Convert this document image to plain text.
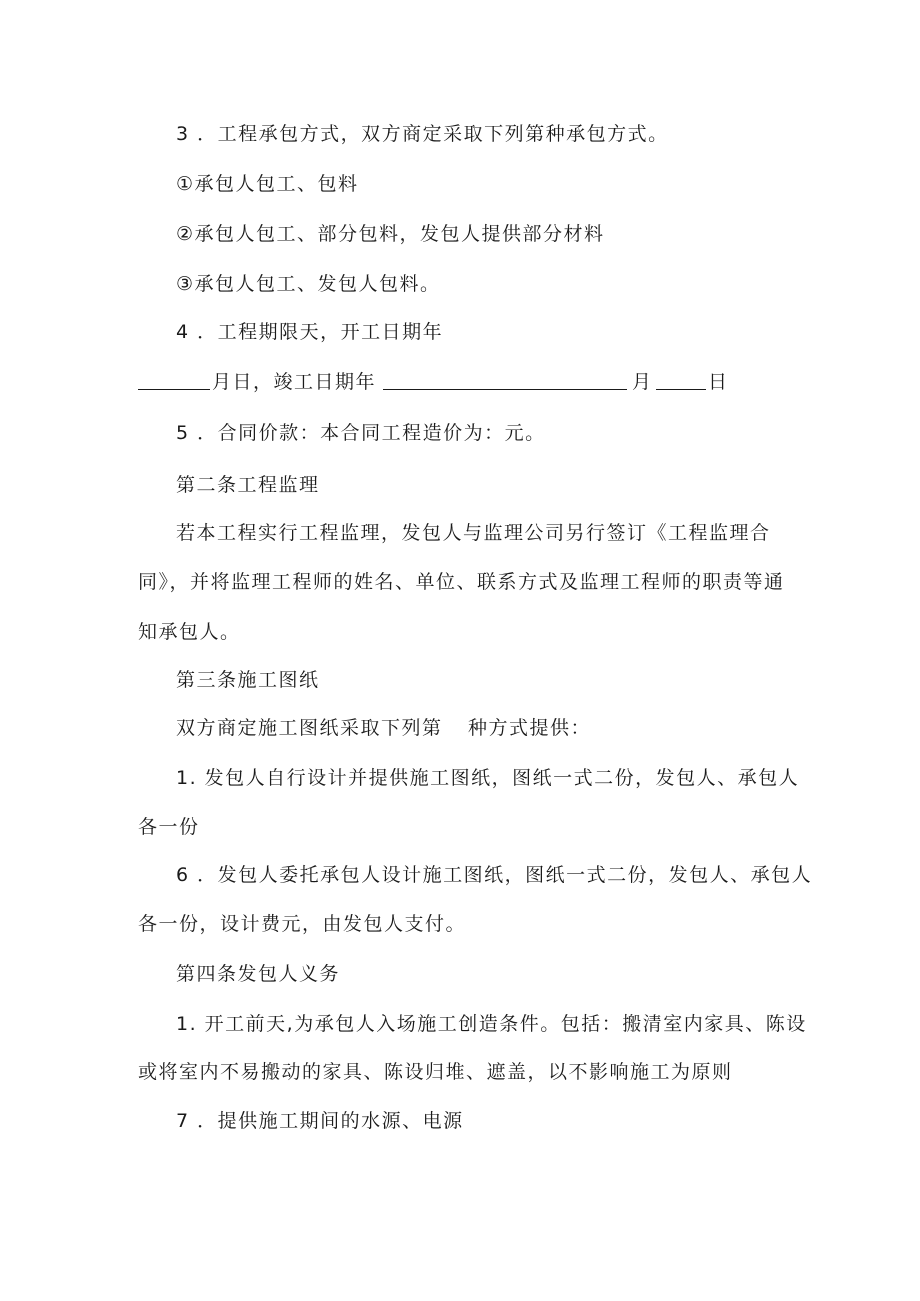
3 ．工程承包方式，双方商定采取下列第种承包方式。
①承包人包工、包料
②承包人包工、部分包料，发包人提供部分材料
③承包人包工、发包人包料。
4 ．工程期限天，开工日期年
月日，竣工日期年	月	日
5 ．合同价款：本合同工程造价为：元。
第二条工程监理
若本工程实行工程监理，发包人与监理公司另行签订《工程监理合
同》，并将监理工程师的姓名、单位、联系方式及监理工程师的职责等通
知承包人。
第三条施工图纸
双方商定施工图纸采取下列第 种方式提供：
1. 发包人自行设计并提供施工图纸，图纸一式二份，发包人、承包人
各一份
6 ．发包人委托承包人设计施工图纸，图纸一式二份，发包人、承包人
各一份，设计费元，由发包人支付。
第四条发包人义务
1. 开工前天,为承包人入场施工创造条件。包括：搬清室内家具、陈设
或将室内不易搬动的家具、陈设归堆、遮盖，以不影响施工为原则
7 ．提供施工期间的水源、电源
